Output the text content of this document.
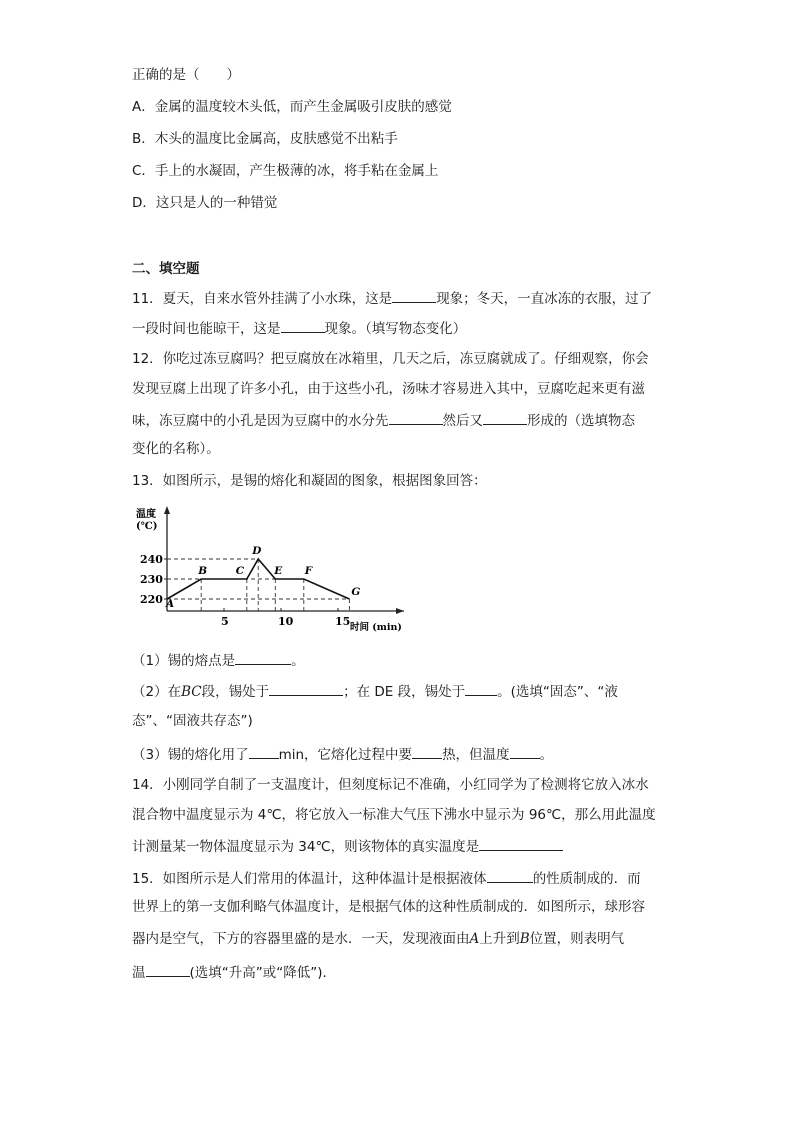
正确的是（　　）
A．金属的温度较木头低，而产生金属吸引皮肤的感觉
B．木头的温度比金属高，皮肤感觉不出粘手
C．手上的水凝固，产生极薄的冰，将手粘在金属上
D．这只是人的一种错觉
二、填空题
11．夏天，自来水管外挂满了小水珠，这是	现象；冬天，一直冰冻的衣服，过了
一段时间也能晾干，这是	现象。（填写物态变化）
12．你吃过冻豆腐吗？把豆腐放在冰箱里，几天之后，冻豆腐就成了。仔细观察，你会
发现豆腐上出现了许多小孔，由于这些小孔，汤味才容易进入其中，豆腐吃起来更有滋
味，冻豆腐中的小孔是因为豆腐中的水分先	然后又	形成的（选填物态
变化的名称）。
13．如图所示，是锡的熔化和凝固的图象，根据图象回答：
温度
(℃)
时间 (min)
220
230
240
5	10	15
A
B	C
D
E F
G
（1）锡的熔点是	。
（2）在BC段，锡处于	；在 DE 段，锡处于 。(选填“固态”、“液
态”、“固液共存态”)
（3）锡的熔化用了 min，它熔化过程中要 热，但温度 。
14．小刚同学自制了一支温度计，但刻度标记不准确，小红同学为了检测将它放入冰水
混合物中温度显示为 4℃，将它放入一标准大气压下沸水中显示为 96℃，那么用此温度
计测量某一物体温度显示为 34℃，则该物体的真实温度是
15．如图所示是人们常用的体温计，这种体温计是根据液体	的性质制成的．而
世界上的第一支伽利略气体温度计，是根据气体的这种性质制成的．如图所示，球形容
器内是空气，下方的容器里盛的是水．一天，发现液面由A上升到B位置，则表明气
温	(选填“升高”或“降低”)．
